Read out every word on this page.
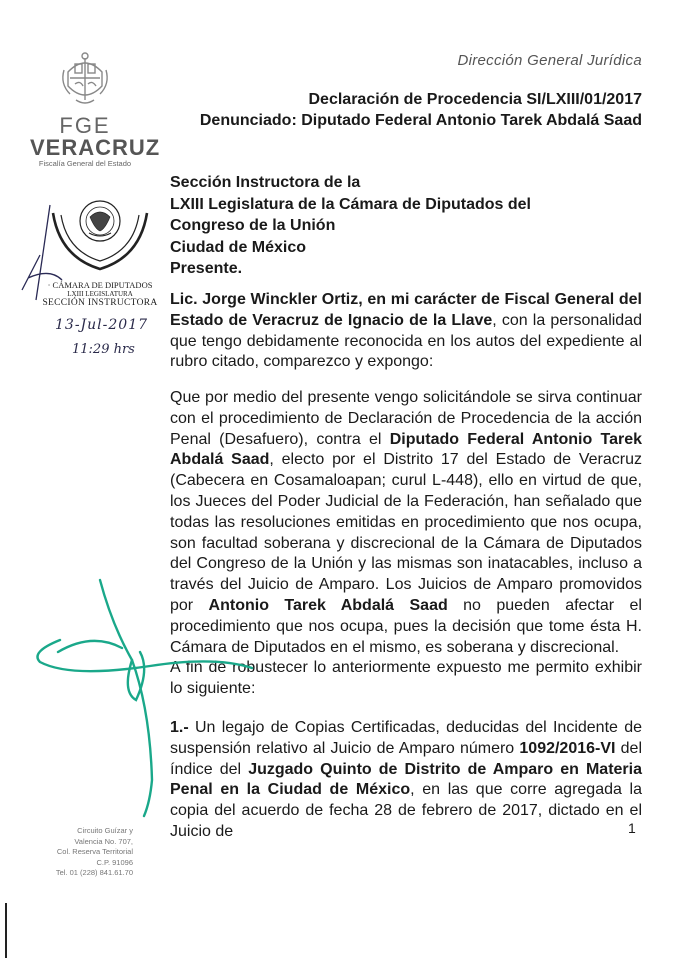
Dirección General Jurídica
Declaración de Procedencia SI/LXIII/01/2017
Denunciado: Diputado Federal Antonio Tarek Abdalá Saad
FGE
VERACRUZ
Fiscalía General del Estado
· CÁMARA DE DIPUTADOS
LXIII LEGISLATURA
SECCIÓN INSTRUCTORA
13-Jul-2017
11:29 hrs
Sección Instructora de la
LXIII Legislatura de la Cámara de Diputados del
Congreso de la Unión
Ciudad de México
Presente.
Lic. Jorge Winckler Ortiz, en mi carácter de Fiscal General del Estado de Veracruz de Ignacio de la Llave, con la personalidad que tengo debidamente reconocida en los autos del expediente al rubro citado, comparezco y expongo:
Que por medio del presente vengo solicitándole se sirva continuar con el procedimiento de Declaración de Procedencia de la acción Penal (Desafuero), contra el Diputado Federal Antonio Tarek Abdalá Saad, electo por el Distrito 17 del Estado de Veracruz (Cabecera en Cosamaloapan; curul L-448), ello en virtud de que, los Jueces del Poder Judicial de la Federación, han señalado que todas las resoluciones emitidas en procedimiento que nos ocupa, son facultad soberana y discrecional de la Cámara de Diputados del Congreso de la Unión y las mismas son inatacables, incluso a través del Juicio de Amparo. Los Juicios de Amparo promovidos por Antonio Tarek Abdalá Saad no pueden afectar el procedimiento que nos ocupa, pues la decisión que tome ésta H. Cámara de Diputados en el mismo, es soberana y discrecional.
A fin de robustecer lo anteriormente expuesto me permito exhibir lo siguiente:
1.- Un legajo de Copias Certificadas, deducidas del Incidente de suspensión relativo al Juicio de Amparo número 1092/2016-VI del índice del Juzgado Quinto de Distrito de Amparo en Materia Penal en la Ciudad de México, en las que corre agregada la copia del acuerdo de fecha 28 de febrero de 2017, dictado en el Juicio de	1
Circuito Guízar y
Valencia No. 707,
Col. Reserva Territorial
C.P. 91096
Tel. 01 (228) 841.61.70
